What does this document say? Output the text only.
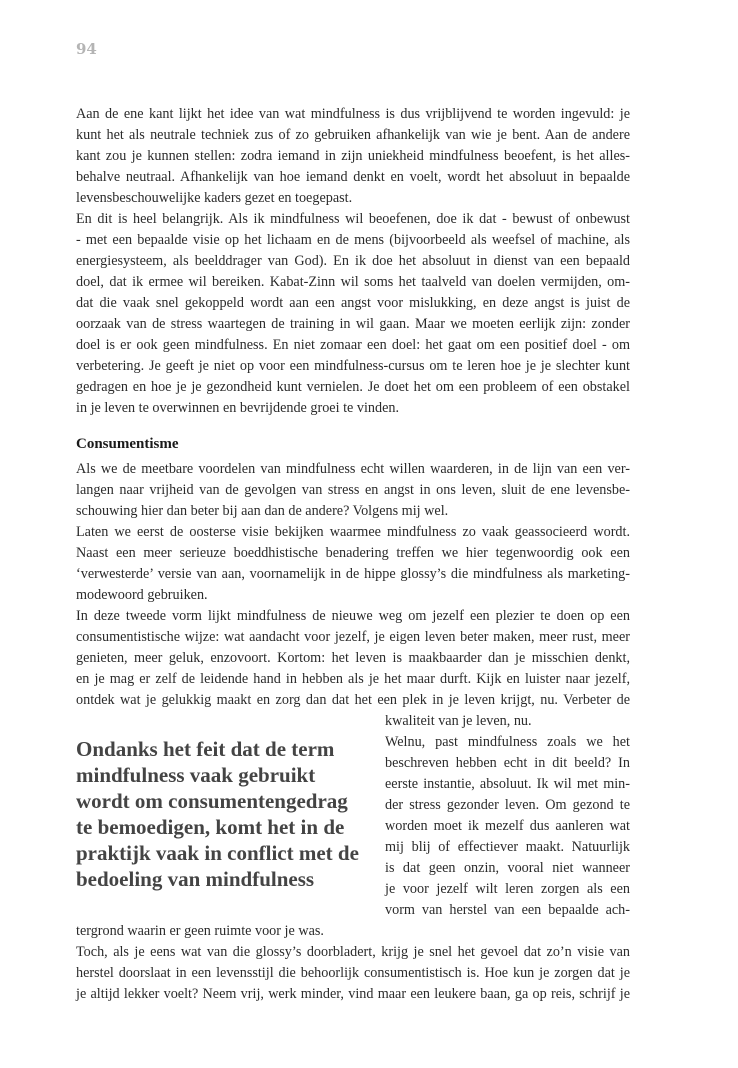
94
Aan de ene kant lijkt het idee van wat mindfulness is dus vrijblijvend te worden ingevuld: je
kunt het als neutrale techniek zus of zo gebruiken afhankelijk van wie je bent. Aan de andere
kant zou je kunnen stellen: zodra iemand in zijn uniekheid mindfulness beoefent, is het alles-
behalve neutraal. Afhankelijk van hoe iemand denkt en voelt, wordt het absoluut in bepaalde
levensbeschouwelijke kaders gezet en toegepast.
En dit is heel belangrijk. Als ik mindfulness wil beoefenen, doe ik dat - bewust of onbewust
- met een bepaalde visie op het lichaam en de mens (bijvoorbeeld als weefsel of machine, als
energiesysteem, als beelddrager van God). En ik doe het absoluut in dienst van een bepaald
doel, dat ik ermee wil bereiken. Kabat-Zinn wil soms het taalveld van doelen vermijden, om-
dat die vaak snel gekoppeld wordt aan een angst voor mislukking, en deze angst is juist de
oorzaak van de stress waartegen de training in wil gaan. Maar we moeten eerlijk zijn: zonder
doel is er ook geen mindfulness. En niet zomaar een doel: het gaat om een positief doel - om
verbetering. Je geeft je niet op voor een mindfulness-cursus om te leren hoe je je slechter kunt
gedragen en hoe je je gezondheid kunt vernielen. Je doet het om een probleem of een obstakel
in je leven te overwinnen en bevrijdende groei te vinden.
Consumentisme
Als we de meetbare voordelen van mindfulness echt willen waarderen, in de lijn van een ver-
langen naar vrijheid van de gevolgen van stress en angst in ons leven, sluit de ene levensbe-
schouwing hier dan beter bij aan dan de andere? Volgens mij wel.
Laten we eerst de oosterse visie bekijken waarmee mindfulness zo vaak geassocieerd wordt.
Naast een meer serieuze boeddhistische benadering treffen we hier tegenwoordig ook een
‘verwesterde’ versie van aan, voornamelijk in de hippe glossy’s die mindfulness als marketing-
modewoord gebruiken.
In deze tweede vorm lijkt mindfulness de nieuwe weg om jezelf een plezier te doen op een
consumentistische wijze: wat aandacht voor jezelf, je eigen leven beter maken, meer rust, meer
genieten, meer geluk, enzovoort. Kortom: het leven is maakbaarder dan je misschien denkt,
en je mag er zelf de leidende hand in hebben als je het maar durft. Kijk en luister naar jezelf,
ontdek wat je gelukkig maakt en zorg dan dat het een plek in je leven krijgt, nu. Verbeter de
Ondanks het feit dat de term
mindfulness vaak gebruikt
wordt om consumentengedrag
te bemoedigen, komt het in de
praktijk vaak in conflict met de
bedoeling van mindfulness
kwaliteit van je leven, nu.
Welnu, past mindfulness zoals we het
beschreven hebben echt in dit beeld? In
eerste instantie, absoluut. Ik wil met min-
der stress gezonder leven. Om gezond te
worden moet ik mezelf dus aanleren wat
mij blij of effectiever maakt. Natuurlijk
is dat geen onzin, vooral niet wanneer
je voor jezelf wilt leren zorgen als een
vorm van herstel van een bepaalde ach-
tergrond waarin er geen ruimte voor je was.
Toch, als je eens wat van die glossy’s doorbladert, krijg je snel het gevoel dat zo’n visie van
herstel doorslaat in een levensstijl die behoorlijk consumentistisch is. Hoe kun je zorgen dat je
je altijd lekker voelt? Neem vrij, werk minder, vind maar een leukere baan, ga op reis, schrijf je
